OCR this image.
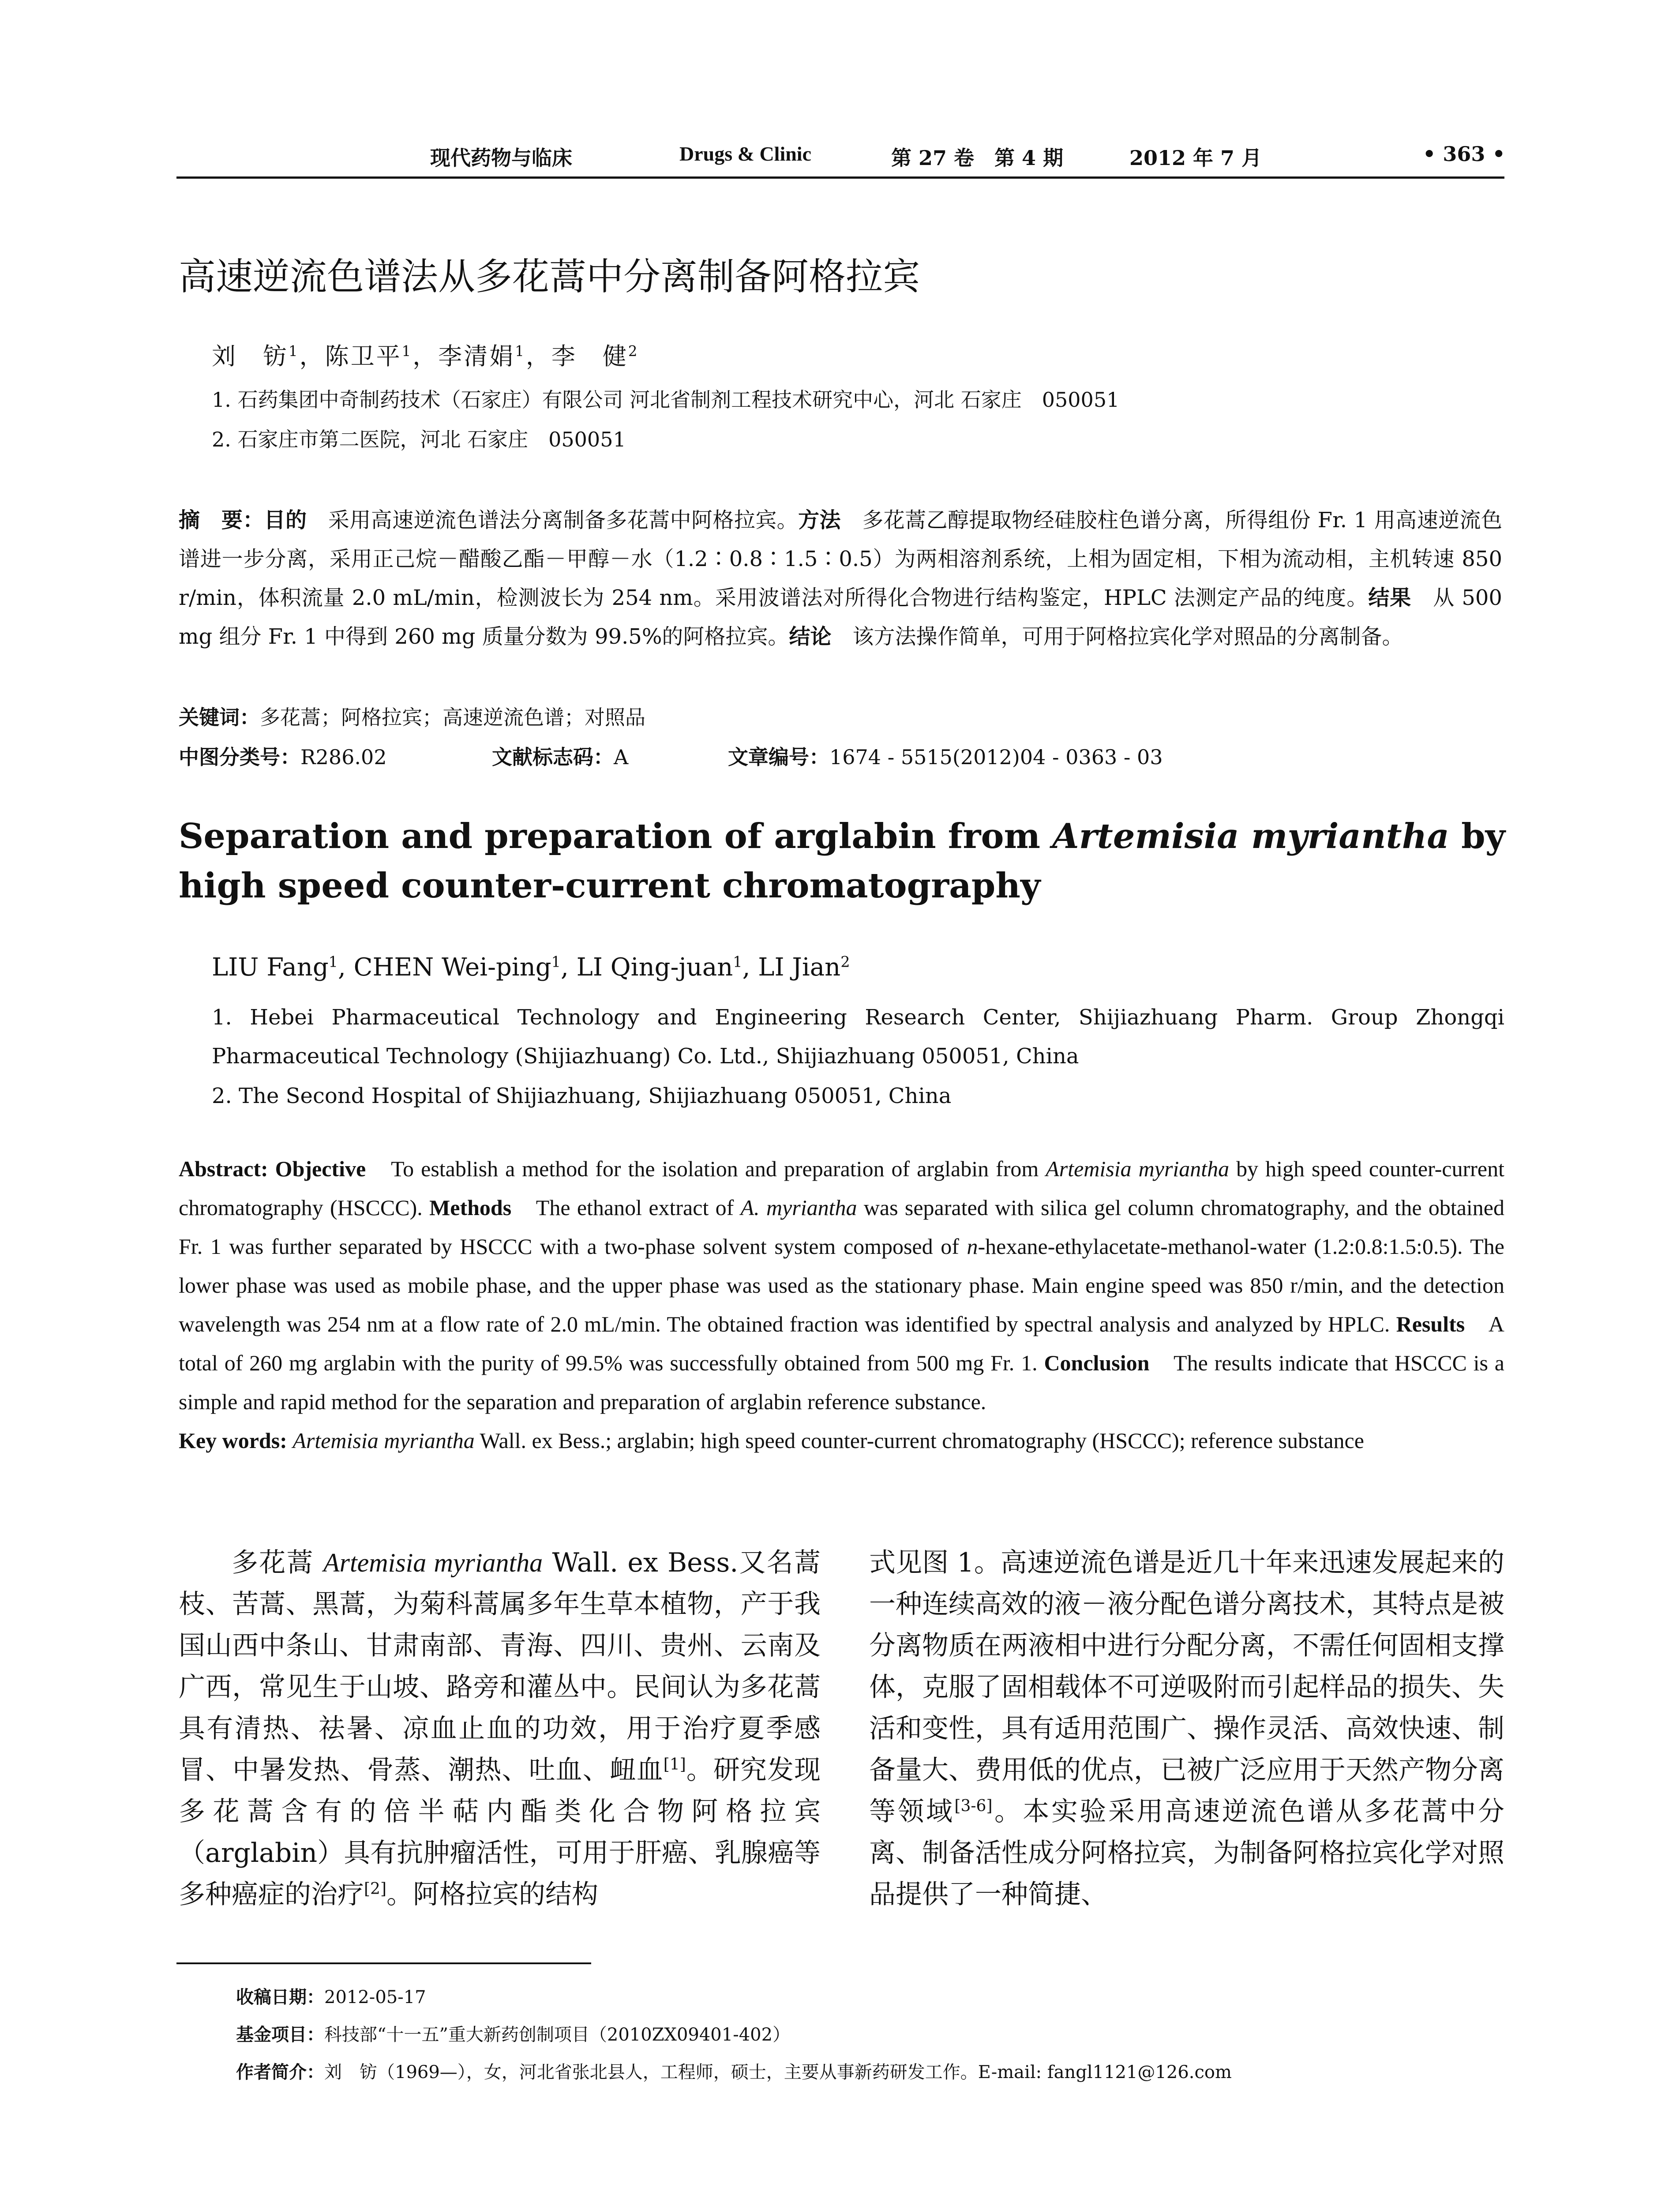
现代药物与临床	Drugs & Clinic	第 27 卷　第 4 期	2012 年 7 月	• 363 •
高速逆流色谱法从多花蒿中分离制备阿格拉宾
刘　钫$^1$，陈卫平$^1$，李清娟$^1$，李　健$^2$
1. 石药集团中奇制药技术（石家庄）有限公司 河北省制剂工程技术研究中心，河北 石家庄　050051
2. 石家庄市第二医院，河北 石家庄　050051

摘　要：目的　采用高速逆流色谱法分离制备多花蒿中阿格拉宾。方法　多花蒿乙醇提取物经硅胶柱色谱分离，所得组份 Fr. 1 用高速逆流色谱进一步分离，采用正己烷－醋酸乙酯－甲醇－水（1.2∶0.8∶1.5∶0.5）为两相溶剂系统，上相为固定相，下相为流动相，主机转速 850 r/min，体积流量 2.0 mL/min，检测波长为 254 nm。采用波谱法对所得化合物进行结构鉴定，HPLC 法测定产品的纯度。结果　从 500 mg 组分 Fr. 1 中得到 260 mg 质量分数为 99.5%的阿格拉宾。结论　该方法操作简单，可用于阿格拉宾化学对照品的分离制备。

关键词：多花蒿；阿格拉宾；高速逆流色谱；对照品
中图分类号：R286.02	文献标志码：A	文章编号：1674 - 5515(2012)04 - 0363 - 03
Separation and preparation of arglabin from Artemisia myriantha by high speed counter-current chromatography
LIU Fang$^1$, CHEN Wei-ping$^1$, LI Qing-juan$^1$, LI Jian$^2$
1. Hebei Pharmaceutical Technology and Engineering Research Center, Shijiazhuang Pharm. Group Zhongqi Pharmaceutical Technology (Shijiazhuang) Co. Ltd., Shijiazhuang 050051, China
2. The Second Hospital of Shijiazhuang, Shijiazhuang 050051, China

Abstract: Objective　To establish a method for the isolation and preparation of arglabin from Artemisia myriantha by high speed counter-current chromatography (HSCCC). Methods　The ethanol extract of A. myriantha was separated with silica gel column chromatography, and the obtained Fr. 1 was further separated by HSCCC with a two-phase solvent system composed of n-hexane-ethylacetate-methanol-water (1.2:0.8:1.5:0.5). The lower phase was used as mobile phase, and the upper phase was used as the stationary phase. Main engine speed was 850 r/min, and the detection wavelength was 254 nm at a flow rate of 2.0 mL/min. The obtained fraction was identified by spectral analysis and analyzed by HPLC. Results　A total of 260 mg arglabin with the purity of 99.5% was successfully obtained from 500 mg Fr. 1. Conclusion　The results indicate that HSCCC is a simple and rapid method for the separation and preparation of arglabin reference substance.

Key words: Artemisia myriantha Wall. ex Bess.; arglabin; high speed counter-current chromatography (HSCCC); reference substance

多花蒿 Artemisia myriantha Wall. ex Bess.又名蒿枝、苦蒿、黑蒿，为菊科蒿属多年生草本植物，产于我国山西中条山、甘肃南部、青海、四川、贵州、云南及广西，常见生于山坡、路旁和灌丛中。民间认为多花蒿具有清热、祛暑、凉血止血的功效，用于治疗夏季感冒、中暑发热、骨蒸、潮热、吐血、衄血[1]。研究发现多花蒿含有的倍半萜内酯类化合物阿格拉宾（arglabin）具有抗肿瘤活性，可用于肝癌、乳腺癌等多种癌症的治疗[2]。阿格拉宾的结构

式见图 1。高速逆流色谱是近几十年来迅速发展起来的一种连续高效的液－液分配色谱分离技术，其特点是被分离物质在两液相中进行分配分离，不需任何固相支撑体，克服了固相载体不可逆吸附而引起样品的损失、失活和变性，具有适用范围广、操作灵活、高效快速、制备量大、费用低的优点，已被广泛应用于天然产物分离等领域[3-6]。本实验采用高速逆流色谱从多花蒿中分离、制备活性成分阿格拉宾，为制备阿格拉宾化学对照品提供了一种简捷、

收稿日期：2012-05-17
基金项目：科技部“十一五”重大新药创制项目（2010ZX09401-402）
作者简介：刘　钫（1969—），女，河北省张北县人，工程师，硕士，主要从事新药研发工作。E-mail: fangl1121@126.com
